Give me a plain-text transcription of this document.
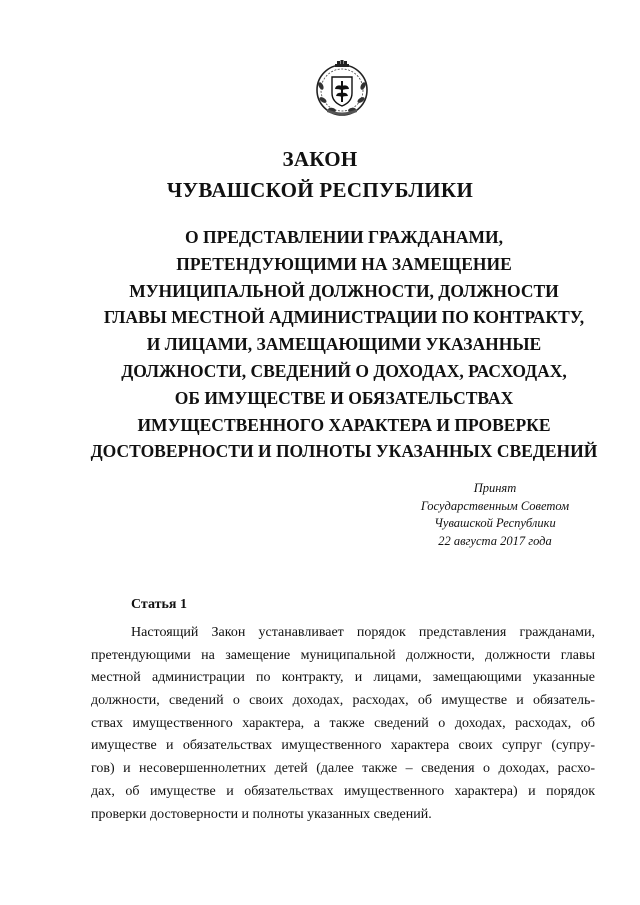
ЗАКОН
ЧУВАШСКОЙ РЕСПУБЛИКИ
О ПРЕДСТАВЛЕНИИ ГРАЖДАНАМИ,
ПРЕТЕНДУЮЩИМИ НА ЗАМЕЩЕНИЕ
МУНИЦИПАЛЬНОЙ ДОЛЖНОСТИ, ДОЛЖНОСТИ
ГЛАВЫ МЕСТНОЙ АДМИНИСТРАЦИИ ПО КОНТРАКТУ,
И ЛИЦАМИ, ЗАМЕЩАЮЩИМИ УКАЗАННЫЕ
ДОЛЖНОСТИ, СВЕДЕНИЙ О ДОХОДАХ, РАСХОДАХ,
ОБ ИМУЩЕСТВЕ И ОБЯЗАТЕЛЬСТВАХ
ИМУЩЕСТВЕННОГО ХАРАКТЕРА И ПРОВЕРКЕ
ДОСТОВЕРНОСТИ И ПОЛНОТЫ УКАЗАННЫХ СВЕДЕНИЙ
Принят
Государственным Советом
Чувашской Республики
22 августа 2017 года
Статья 1
Настоящий Закон устанавливает порядок представления гражданами,
претендующими на замещение муниципальной должности, должности главы
местной администрации по контракту, и лицами, замещающими указанные
должности, сведений о своих доходах, расходах, об имуществе и обязатель-
ствах имущественного характера, а также сведений о доходах, расходах, об
имуществе и обязательствах имущественного характера своих супруг (супру-
гов) и несовершеннолетних детей (далее также – сведения о доходах, расхо-
дах, об имуществе и обязательствах имущественного характера) и порядок
проверки достоверности и полноты указанных сведений.
